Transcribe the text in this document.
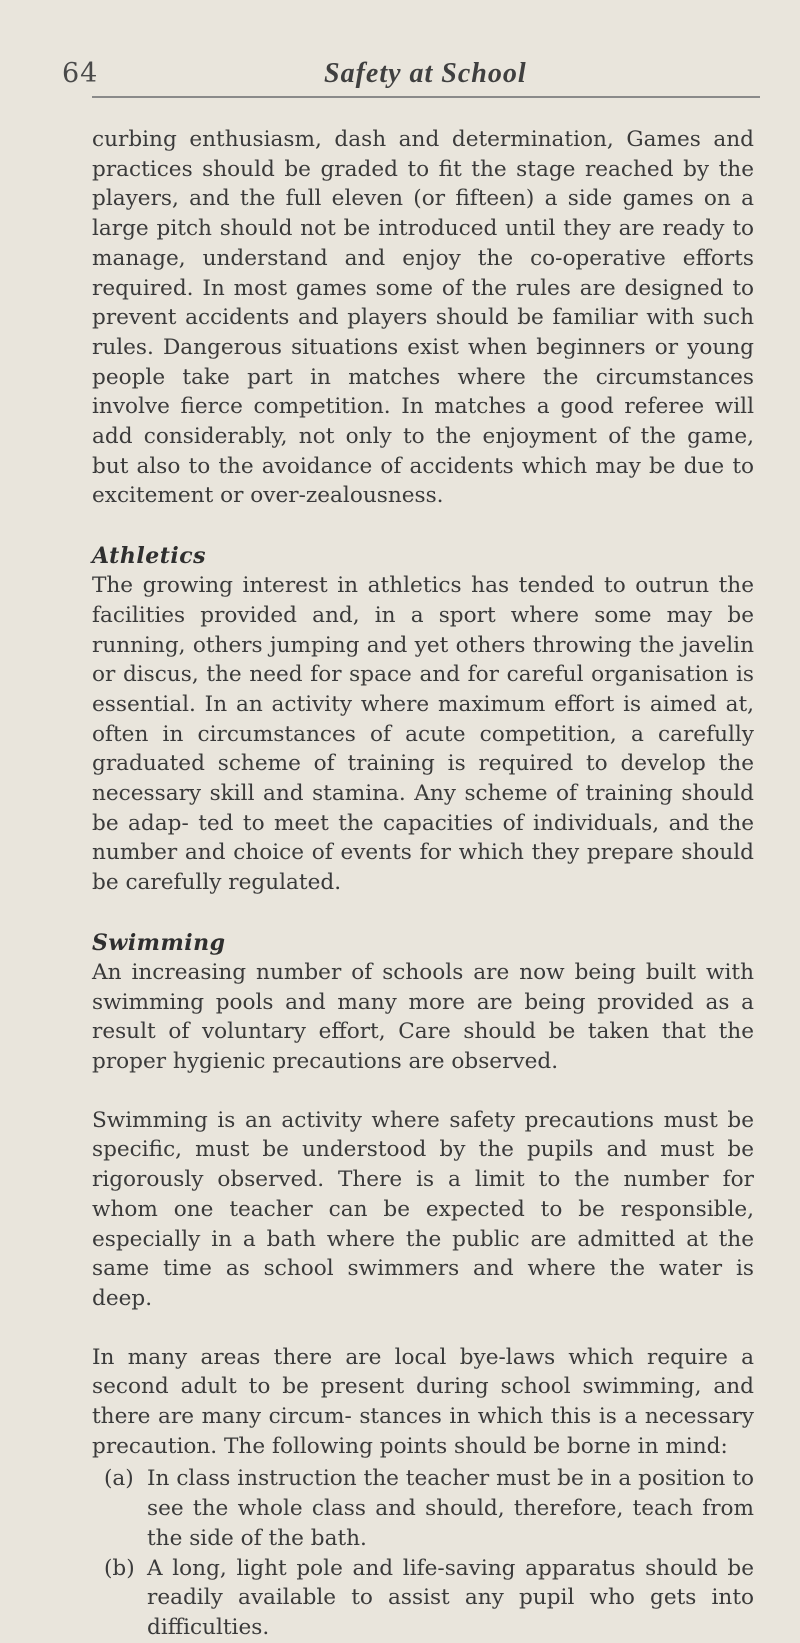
64	Safety at School

curbing enthusiasm, dash and determination, Games and practices should be graded to fit the stage reached by the players, and the full eleven (or fifteen) a side games on a large pitch should not be introduced until they are ready to manage, understand and enjoy the co-operative efforts required. In most games some of the rules are designed to prevent accidents and players should be familiar with such rules. Dangerous situations exist when beginners or young people take part in matches where the circumstances involve fierce competition. In matches a good referee will add considerably, not only to the enjoyment of the game, but also to the avoidance of accidents which may be due to excitement or over-zealousness.

Athletics

The growing interest in athletics has tended to outrun the facilities provided and, in a sport where some may be running, others jumping and yet others throwing the javelin or discus, the need for space and for careful organisation is essential. In an activity where maximum effort is aimed at, often in circumstances of acute competition, a carefully graduated scheme of training is required to develop the necessary skill and stamina. Any scheme of training should be adap- ted to meet the capacities of individuals, and the number and choice of events for which they prepare should be carefully regulated.

Swimming

An increasing number of schools are now being built with swimming pools and many more are being provided as a result of voluntary effort, Care should be taken that the proper hygienic precautions are observed.

Swimming is an activity where safety precautions must be specific, must be understood by the pupils and must be rigorously observed. There is a limit to the number for whom one teacher can be expected to be responsible, especially in a bath where the public are admitted at the same time as school swimmers and where the water is deep.

In many areas there are local bye-laws which require a second adult to be present during school swimming, and there are many circum- stances in which this is a necessary precaution. The following points should be borne in mind:

(a) In class instruction the teacher must be in a position to see the whole class and should, therefore, teach from the side of the bath.
(b) A long, light pole and life-saving apparatus should be readily available to assist any pupil who gets into difficulties.
